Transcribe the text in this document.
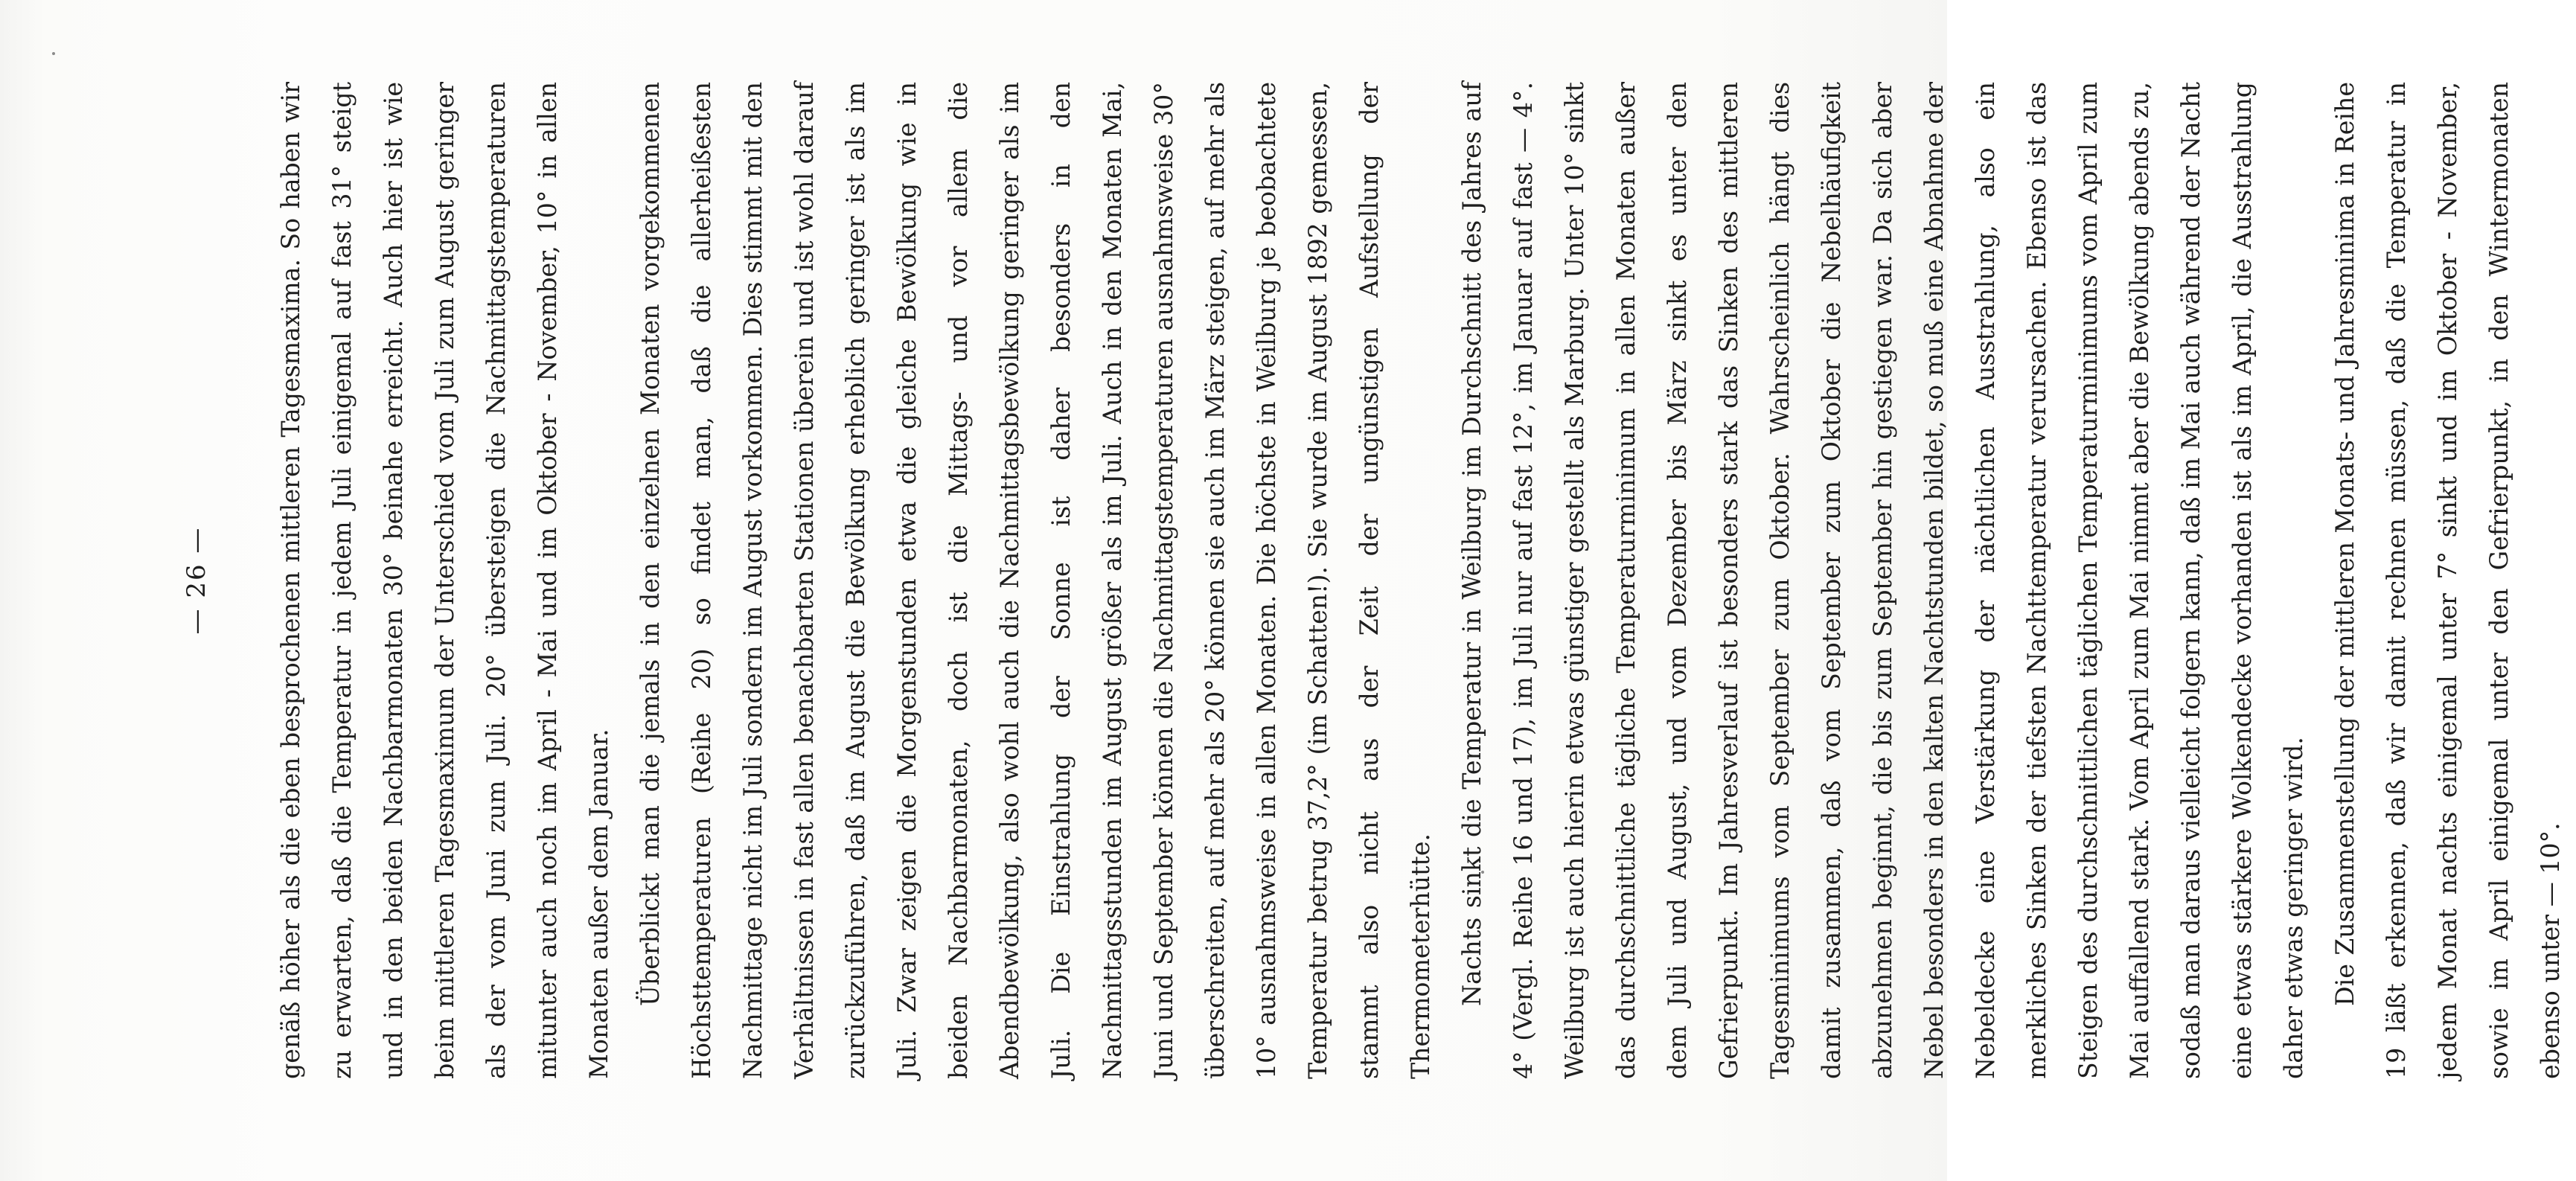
— 26 —	genäß höher als die eben besprochenen mittleren Tagesmaxima. So haben wir zu erwarten, daß die Temperatur in jedem Juli einigemal auf fast 31° steigt und in den beiden Nachbarmonaten 30° beinahe erreicht. Auch hier ist wie beim mittleren Tagesmaximum der Unterschied vom Juli zum August geringer als der vom Juni zum Juli. 20° übersteigen die Nachmittagstemperaturen mitunter auch noch im April - Mai und im Oktober - November, 10° in allen Monaten außer dem Januar. Überblickt man die jemals in den einzelnen Monaten vorgekommenen Höchsttemperaturen (Reihe 20) so findet man, daß die allerheißesten Nachmittage nicht im Juli sondern im August vorkommen. Dies stimmt mit den Verhältnissen in fast allen benachbarten Stationen überein und ist wohl darauf zurückzuführen, daß im August die Bewölkung erheblich geringer ist als im Juli. Zwar zeigen die Morgenstunden etwa die gleiche Bewölkung wie in beiden Nachbarmonaten, doch ist die Mittags- und vor allem die Abendbewölkung, also wohl auch die Nachmittagsbewölkung geringer als im Juli. Die Einstrahlung der Sonne ist daher besonders in den Nachmittagsstunden im August größer als im Juli. Auch in den Monaten Mai, Juni und September können die Nachmittagstemperaturen ausnahmsweise 30° überschreiten, auf mehr als 20° können sie auch im März steigen, auf mehr als 10° ausnahmsweise in allen Monaten. Die höchste in Weilburg je beobachtete Temperatur betrug 37,2° (im Schatten!). Sie wurde im August 1892 gemessen, stammt also nicht aus der Zeit der ungünstigen Aufstellung der Thermometerhütte. Nachts sinkt die Temperatur in Weilburg im Durchschnitt des Jahres auf 4° (Vergl. Reihe 16 und 17), im Juli nur auf fast 12°, im Januar auf fast — 4°. Weilburg ist auch hierin etwas günstiger gestellt als Marburg. Unter 10° sinkt das durchschnittliche tägliche Temperaturminimum in allen Monaten außer dem Juli und August, und vom Dezember bis März sinkt es unter den Gefrierpunkt. Im Jahresverlauf ist besonders stark das Sinken des mittleren Tagesminimums vom September zum Oktober. Wahrscheinlich hängt dies damit zusammen, daß vom September zum Oktober die Nebelhäufigkeit abzunehmen beginnt, die bis zum September hin gestiegen war. Da sich aber Nebel besonders in den kalten Nachtstunden bildet, so muß eine Abnahme der Nebeldecke eine Verstärkung der nächtlichen Ausstrahlung, also ein merkliches Sinken der tiefsten Nachttemperatur verursachen. Ebenso ist das Steigen des durchschnittlichen täglichen Temperaturminimums vom April zum Mai auffallend stark. Vom April zum Mai nimmt aber die Bewölkung abends zu, sodaß man daraus vielleicht folgern kann, daß im Mai auch während der Nacht eine etwas stärkere Wolkendecke vorhanden ist als im April, die Ausstrahlung daher etwas geringer wird. Die Zusammenstellung der mittleren Monats- und Jahresminima in Reihe 19 läßt erkennen, daß wir damit rechnen müssen, daß die Temperatur in jedem Monat nachts einigemal unter 7° sinkt und im Oktober - November, sowie im April einigemal unter den Gefrierpunkt, in den Wintermonaten ebenso unter — 10°.
